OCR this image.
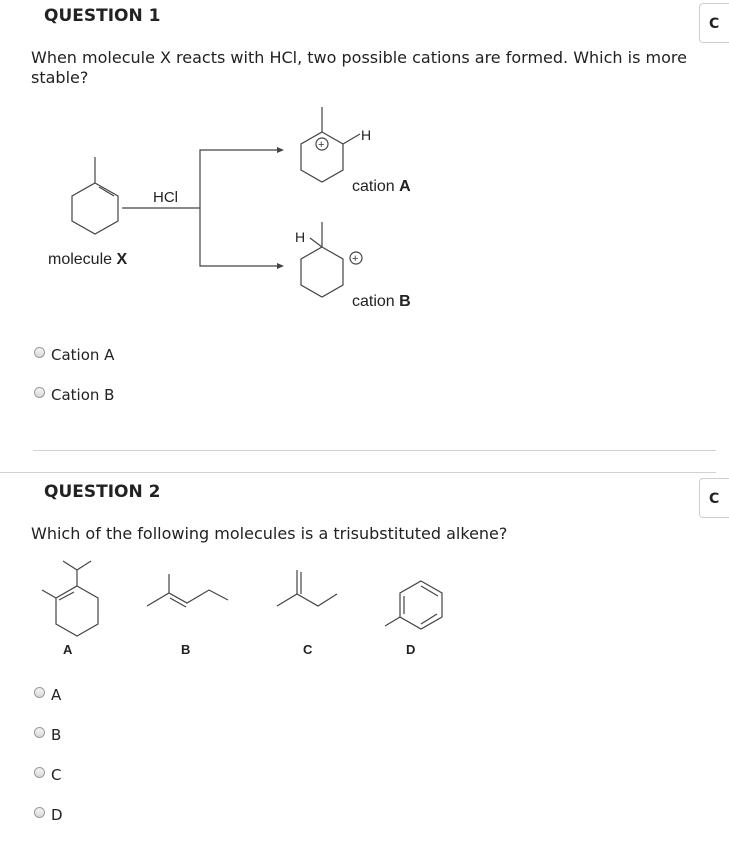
QUESTION 1	C

When molecule X reacts with HCl, two possible cations are formed. Which is more stable?

HCl
molecule X
+
H
cation A
H
+
cation B
Cation A
Cation B
QUESTION 2	C

Which of the following molecules is a trisubstituted alkene?

A	B	C	D
A
B
C
D
